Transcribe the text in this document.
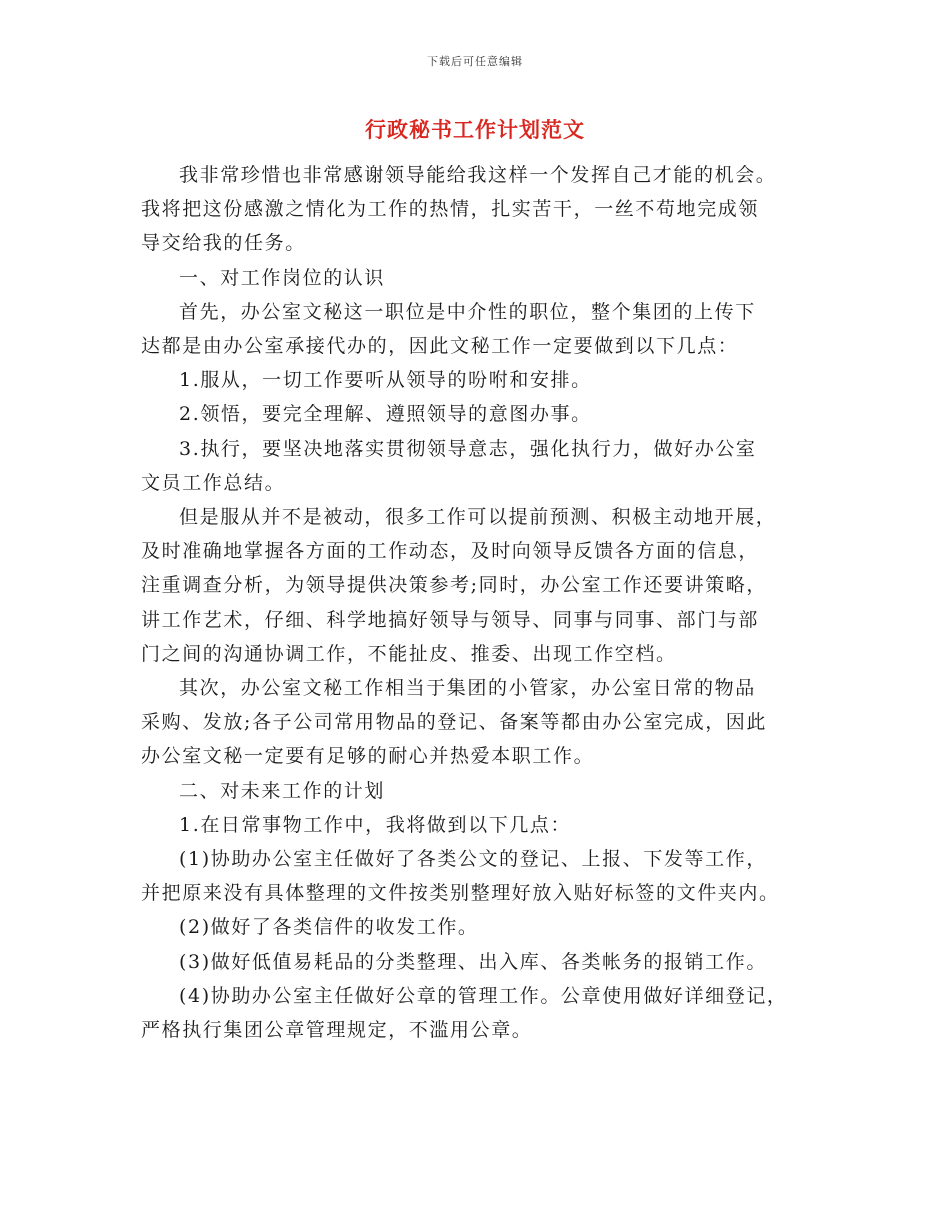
下载后可任意编辑
行政秘书工作计划范文

我非常珍惜也非常感谢领导能给我这样一个发挥自己才能的机会。
我将把这份感激之情化为工作的热情，扎实苦干，一丝不苟地完成领
导交给我的任务。

一、对工作岗位的认识

首先，办公室文秘这一职位是中介性的职位，整个集团的上传下
达都是由办公室承接代办的，因此文秘工作一定要做到以下几点：

1.服从，一切工作要听从领导的吩咐和安排。

2.领悟，要完全理解、遵照领导的意图办事。

3.执行，要坚决地落实贯彻领导意志，强化执行力，做好办公室
文员工作总结。

但是服从并不是被动，很多工作可以提前预测、积极主动地开展，
及时准确地掌握各方面的工作动态，及时向领导反馈各方面的信息，
注重调查分析，为领导提供决策参考;同时，办公室工作还要讲策略，
讲工作艺术，仔细、科学地搞好领导与领导、同事与同事、部门与部
门之间的沟通协调工作，不能扯皮、推委、出现工作空档。

其次，办公室文秘工作相当于集团的小管家，办公室日常的物品
采购、发放;各子公司常用物品的登记、备案等都由办公室完成，因此
办公室文秘一定要有足够的耐心并热爱本职工作。

二、对未来工作的计划

1.在日常事物工作中，我将做到以下几点：

(1)协助办公室主任做好了各类公文的登记、上报、下发等工作，
并把原来没有具体整理的文件按类别整理好放入贴好标签的文件夹内。

(2)做好了各类信件的收发工作。

(3)做好低值易耗品的分类整理、出入库、各类帐务的报销工作。

(4)协助办公室主任做好公章的管理工作。公章使用做好详细登记，
严格执行集团公章管理规定，不滥用公章。
